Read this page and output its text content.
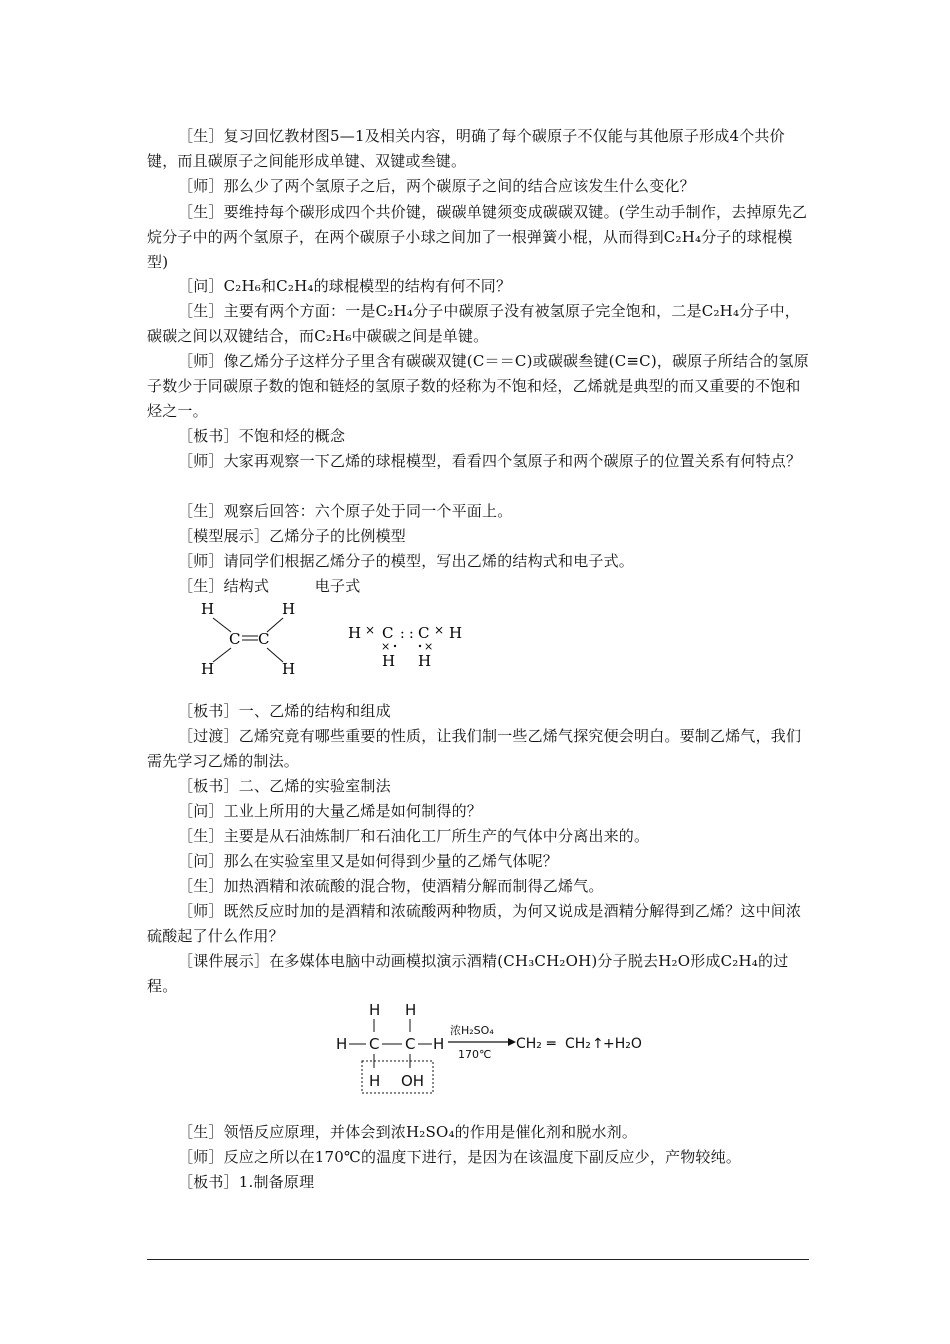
［生］复习回忆教材图5—1及相关内容，明确了每个碳原子不仅能与其他原子形成4个共价键，而且碳原子之间能形成单键、双键或叁键。
［师］那么少了两个氢原子之后，两个碳原子之间的结合应该发生什么变化？
［生］要维持每个碳形成四个共价键，碳碳单键须变成碳碳双键。(学生动手制作，去掉原先乙烷分子中的两个氢原子，在两个碳原子小球之间加了一根弹簧小棍，从而得到C₂H₄分子的球棍模型)
［问］C₂H₆和C₂H₄的球棍模型的结构有何不同？
［生］主要有两个方面：一是C₂H₄分子中碳原子没有被氢原子完全饱和，二是C₂H₄分子中，碳碳之间以双键结合，而C₂H₆中碳碳之间是单键。
［师］像乙烯分子这样分子里含有碳碳双键(C＝＝C)或碳碳叁键(C≡C)，碳原子所结合的氢原子数少于同碳原子数的饱和链烃的氢原子数的烃称为不饱和烃，乙烯就是典型的而又重要的不饱和烃之一。
［板书］不饱和烃的概念
［师］大家再观察一下乙烯的球棍模型，看看四个氢原子和两个碳原子的位置关系有何特点？
［生］观察后回答：六个原子处于同一个平面上。
［模型展示］乙烯分子的比例模型
［师］请同学们根据乙烯分子的模型，写出乙烯的结构式和电子式。
［生］结构式　　　电子式
H	H
C C
H	H
H × C : : C × H
×	×
H H
［板书］一、乙烯的结构和组成
［过渡］乙烯究竟有哪些重要的性质，让我们制一些乙烯气探究便会明白。要制乙烯气，我们需先学习乙烯的制法。
［板书］二、乙烯的实验室制法
［问］工业上所用的大量乙烯是如何制得的？
［生］主要是从石油炼制厂和石油化工厂所生产的气体中分离出来的。
［问］那么在实验室里又是如何得到少量的乙烯气体呢？
［生］加热酒精和浓硫酸的混合物，使酒精分解而制得乙烯气。
［师］既然反应时加的是酒精和浓硫酸两种物质，为何又说成是酒精分解得到乙烯？这中间浓硫酸起了什么作用？
［课件展示］在多媒体电脑中动画模拟演示酒精(CH₃CH₂OH)分子脱去H₂O形成C₂H₄的过程。
H H
H C C H
H OH
浓H₂SO₄
170℃
CH₂ ═ CH₂ ↑ +H₂O
［生］领悟反应原理，并体会到浓H₂SO₄的作用是催化剂和脱水剂。
［师］反应之所以在170℃的温度下进行，是因为在该温度下副反应少，产物较纯。
［板书］1.制备原理
